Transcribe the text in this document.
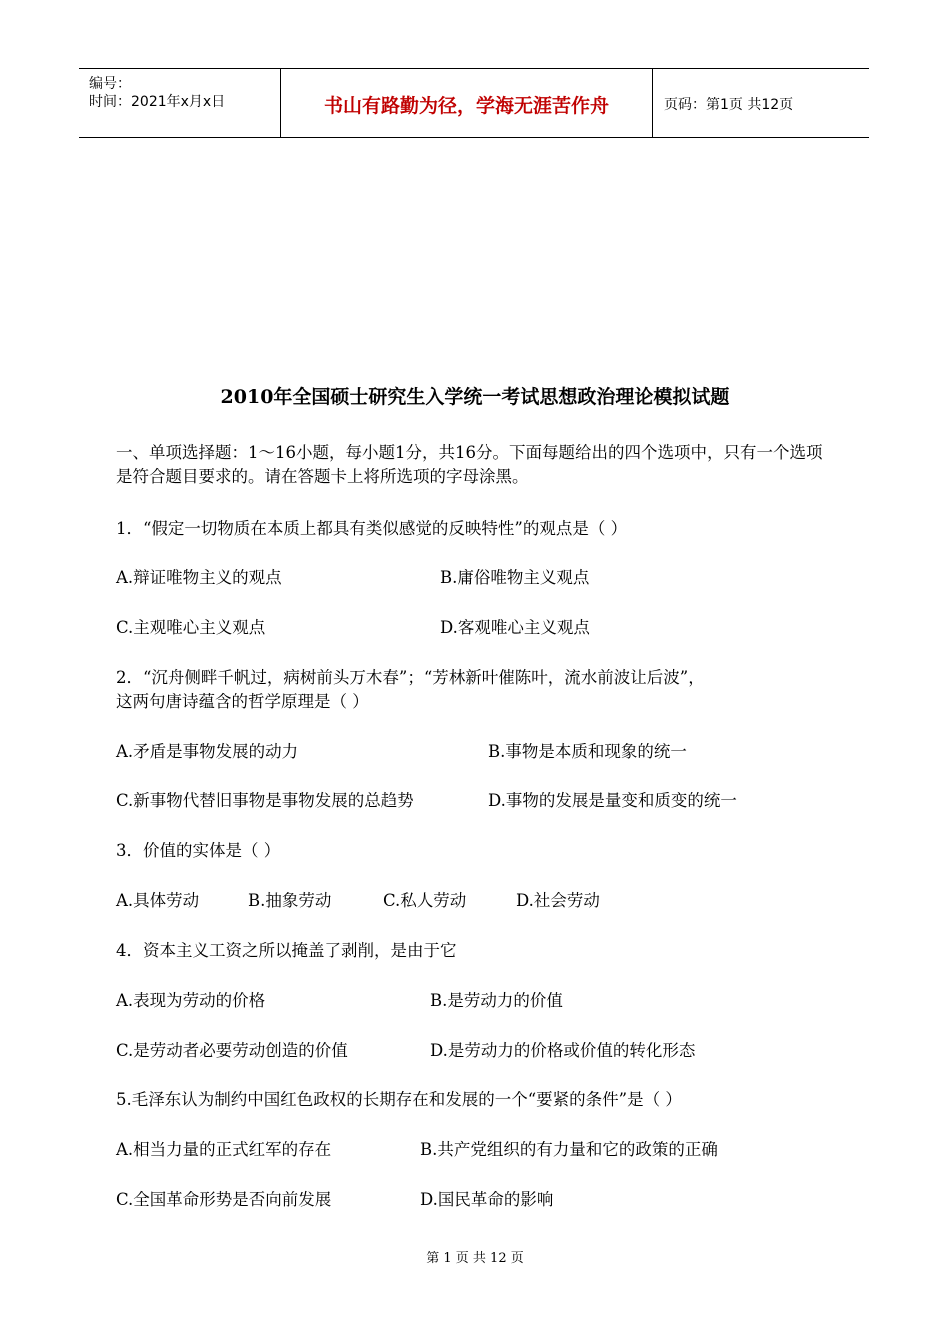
编号：
时间：2021年x月x日	书山有路勤为径，学海无涯苦作舟	页码：第1页 共12页
2010年全国硕士研究生入学统一考试思想政治理论模拟试题
一、单项选择题：1～16小题，每小题1分，共16分。下面每题给出的四个选项中，只有一个选项是符合题目要求的。请在答题卡上将所选项的字母涂黑。
1．“假定一切物质在本质上都具有类似感觉的反映特性”的观点是（ ）
A.辩证唯物主义的观点	B.庸俗唯物主义观点
C.主观唯心主义观点	D.客观唯心主义观点
2．“沉舟侧畔千帆过，病树前头万木春”；“芳林新叶催陈叶，流水前波让后波”，
这两句唐诗蕴含的哲学原理是（ ）
A.矛盾是事物发展的动力	B.事物是本质和现象的统一
C.新事物代替旧事物是事物发展的总趋势	D.事物的发展是量变和质变的统一
3．价值的实体是（ ）
A.具体劳动	B.抽象劳动	C.私人劳动	D.社会劳动
4．资本主义工资之所以掩盖了剥削，是由于它
A.表现为劳动的价格	B.是劳动力的价值
C.是劳动者必要劳动创造的价值	D.是劳动力的价格或价值的转化形态
5.毛泽东认为制约中国红色政权的长期存在和发展的一个“要紧的条件”是（ ）
A.相当力量的正式红军的存在	B.共产党组织的有力量和它的政策的正确
C.全国革命形势是否向前发展	D.国民革命的影响
第 1 页 共 12 页
